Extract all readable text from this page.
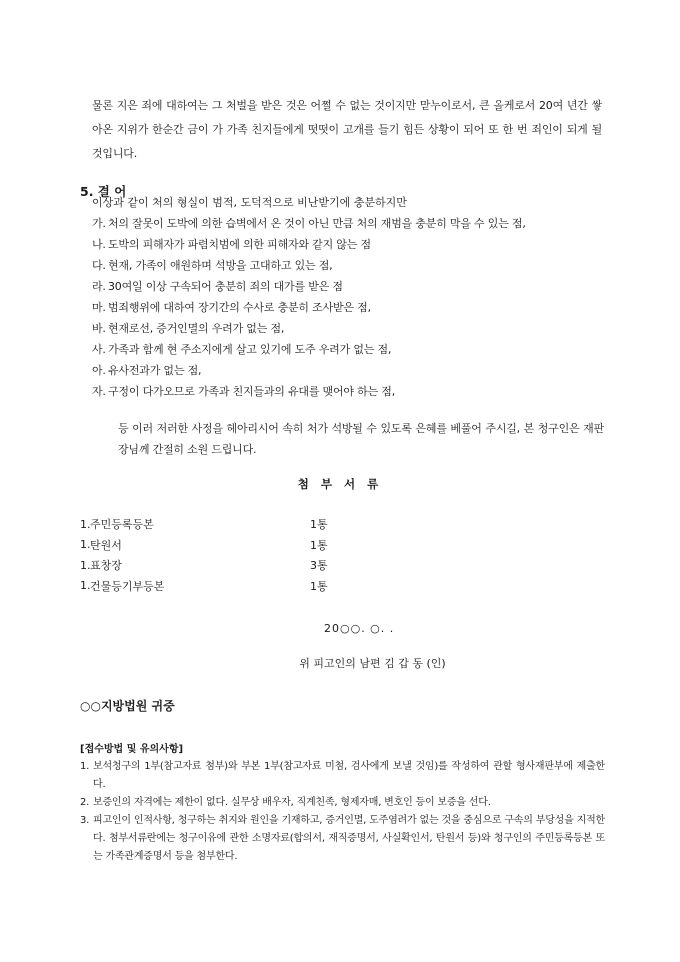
물론 지은 죄에 대하여는 그 처벌을 받은 것은 어쩔 수 없는 것이지만 맏누이로서, 큰 올케로서 20여 년간 쌓아온 지위가 한순간 금이 가 가족 친지들에게 떳떳이 고개를 들기 힘든 상황이 되어 또 한 번 죄인이 되게 될 것입니다.
5. 결 어
이상과 같이 처의 형실이 범적, 도덕적으로 비난받기에 충분하지만
가. 처의 잘못이 도박에 의한 습벽에서 온 것이 아닌 만큼 처의 재범을 충분히 막을 수 있는 점,
나. 도박의 피해자가 파렴치범에 의한 피해자와 같지 않는 점
다. 현재, 가족이 애원하며 석방을 고대하고 있는 점,
라. 30여일 이상 구속되어 충분히 죄의 대가를 받은 점
마. 범죄행위에 대하여 장기간의 수사로 충분히 조사받은 점,
바. 현재로선, 증거인멸의 우려가 없는 점,
사. 가족과 함께 현 주소지에게 살고 있기에 도주 우려가 없는 점,
아. 유사전과가 없는 점,
자. 구정이 다가오므로 가족과 친지들과의 유대를 맺어야 하는 점,
등 이러 저러한 사정을 헤아리시어 속히 처가 석방될 수 있도록 은혜를 베풀어 주시길, 본 청구인은 재판장님께 간절히 소원 드립니다.
첨 부 서 류
1. 주민등록등본	1통
1. 탄원서	1통
1. 표창장	3통
1. 건물등기부등본	1통
20○○. ○. .
위 피고인의 남편 김 갑 동 (인)
○○지방법원 귀중
[접수방법 및 유의사항]
1. 보석청구의 1부(참고자료 첨부)와 부본 1부(참고자료 미첨, 검사에게 보낼 것임)를 작성하여 관할 형사재판부에 제출한다.
2. 보증인의 자격에는 제한이 없다. 실무상 배우자, 직계친족, 형제자매, 변호인 등이 보증을 선다.
3. 피고인이 인적사항, 청구하는 취지와 원인을 기재하고, 증거인멸, 도주염려가 없는 것을 중심으로 구속의 부당성을 지적한다. 첨부서류란에는 청구이유에 관한 소명자료(합의서, 재직증명서, 사실확인서, 탄원서 등)와 청구인의 주민등록등본 또는 가족관계증명서 등을 첨부한다.
